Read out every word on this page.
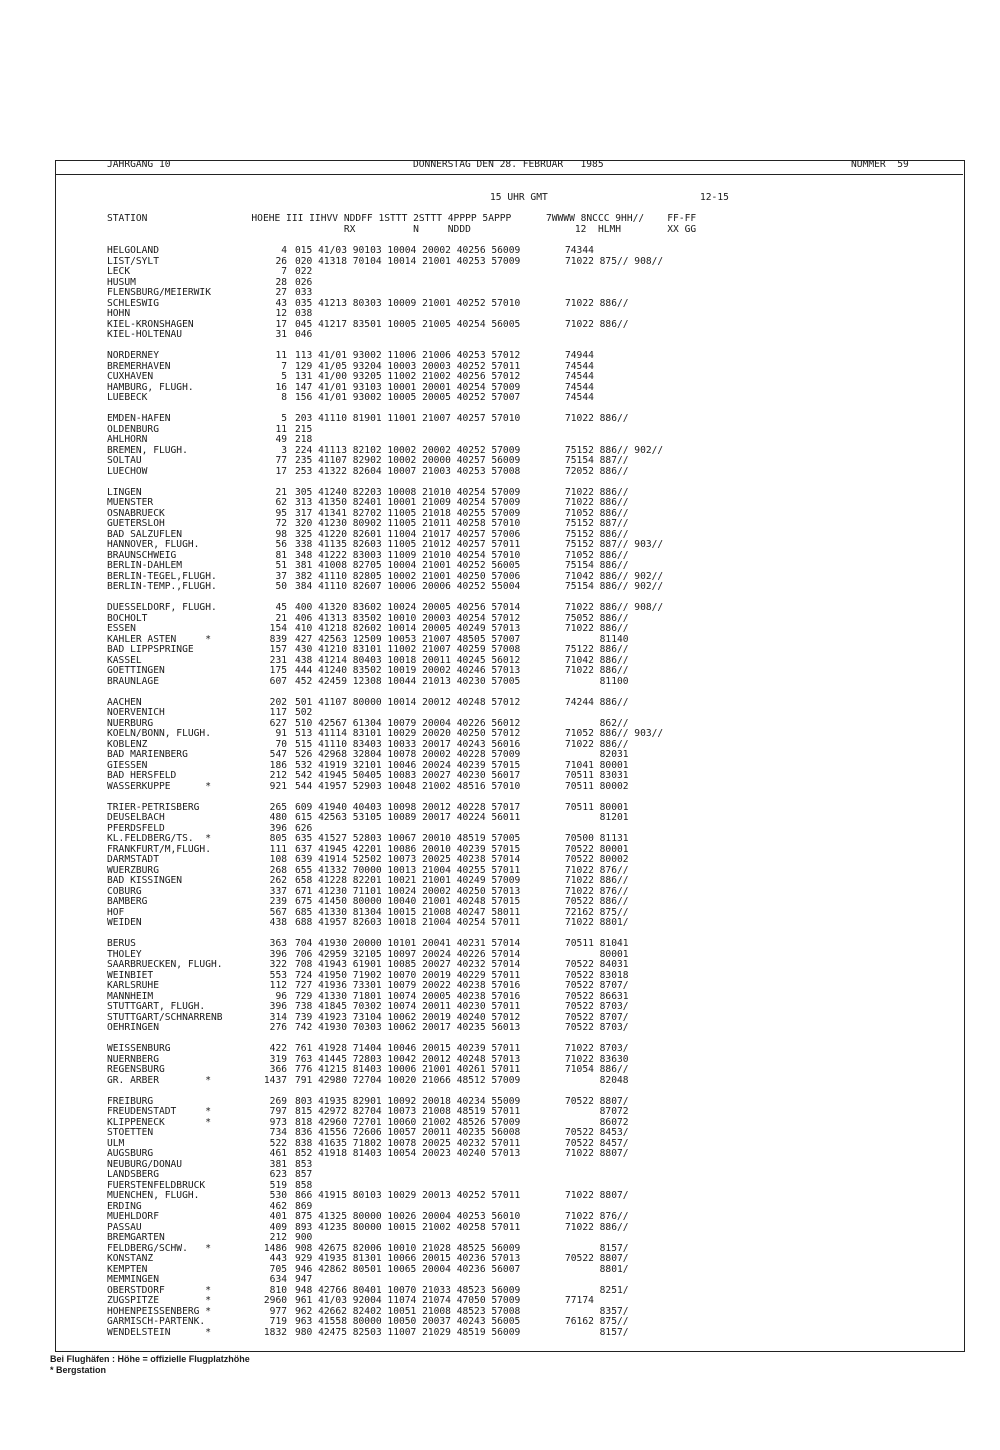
JAHRGANG 10	DONNERSTAG DEN 28. FEBRUAR   1985	NUMMER  59
15 UHR GMT	12-15
STATION                  HOEHE III IIHVV NDDFF 1STTT 2STTT 4PPPP 5APPP      7WWWW 8NCCC 9HH//    FF-FF
RX          N     NDDD                  12  HLMH        XX GG
HELGOLAND	4 015 41/03 90103 10004 20002 40256 56009	74344
LIST/SYLT	26 020 41318 70104 10014 21001 40253 57009	71022 875// 908//
LECK	7 022
HUSUM	28 026
FLENSBURG/MEIERWIK	27 033
SCHLESWIG	43 035 41213 80303 10009 21001 40252 57010	71022 886//
HOHN	12 038
KIEL-KRONSHAGEN	17 045 41217 83501 10005 21005 40254 56005	71022 886//
KIEL-HOLTENAU	31 046
NORDERNEY	11 113 41/01 93002 11006 21006 40253 57012	74944
BREMERHAVEN	7 129 41/05 93204 10003 20003 40252 57011	74544
CUXHAVEN	5 131 41/00 93205 11002 21002 40256 57012	74544
HAMBURG, FLUGH.	16 147 41/01 93103 10001 20001 40254 57009	74544
LUEBECK	8 156 41/01 93002 10005 20005 40252 57007	74544
EMDEN-HAFEN	5 203 41110 81901 11001 21007 40257 57010	71022 886//
OLDENBURG	11 215
AHLHORN	49 218
BREMEN, FLUGH.	3 224 41113 82102 10002 20002 40252 57009	75152 886// 902//
SOLTAU	77 235 41107 82902 10002 20000 40257 56009	75154 887//
LUECHOW	17 253 41322 82604 10007 21003 40253 57008	72052 886//
LINGEN	21 305 41240 82203 10008 21010 40254 57009	71022 886//
MUENSTER	62 313 41350 82401 10001 21009 40254 57009	71022 886//
OSNABRUECK	95 317 41341 82702 11005 21018 40255 57009	71052 886//
GUETERSLOH	72 320 41230 80902 11005 21011 40258 57010	75152 887//
BAD SALZUFLEN	98 325 41220 82601 11004 21017 40257 57006	75152 886//
HANNOVER, FLUGH.	56 338 41135 82603 11005 21012 40257 57011	75152 887// 903//
BRAUNSCHWEIG	81 348 41222 83003 11009 21010 40254 57010	71052 886//
BERLIN-DAHLEM	51 381 41008 82705 10004 21001 40252 56005	75154 886//
BERLIN-TEGEL,FLUGH.	37 382 41110 82805 10002 21001 40250 57006	71042 886// 902//
BERLIN-TEMP.,FLUGH.	50 384 41110 82607 10006 20006 40252 55004	75154 886// 902//
DUESSELDORF, FLUGH.	45 400 41320 83602 10024 20005 40256 57014	71022 886// 908//
BOCHOLT	21 406 41313 83502 10010 20003 40254 57012	75052 886//
ESSEN	154 410 41218 82602 10014 20005 40249 57013	71022 886//
KAHLER ASTEN     *	839 427 42563 12509 10053 21007 48505 57007	81140
BAD LIPPSPRINGE	157 430 41210 83101 11002 21007 40259 57008	75122 886//
KASSEL	231 438 41214 80403 10018 20011 40245 56012	71042 886//
GOETTINGEN	175 444 41240 83502 10019 20002 40246 57013	71022 886//
BRAUNLAGE	607 452 42459 12308 10044 21013 40230 57005	81100
AACHEN	202 501 41107 80000 10014 20012 40248 57012	74244 886//
NOERVENICH	117 502
NUERBURG	627 510 42567 61304 10079 20004 40226 56012	862//
KOELN/BONN, FLUGH.	91 513 41114 83101 10029 20020 40250 57012	71052 886// 903//
KOBLENZ	70 515 41110 83403 10033 20017 40243 56016	71022 886//
BAD MARIENBERG	547 526 42968 32804 10078 20002 40228 57009	82031
GIESSEN	186 532 41919 32101 10046 20024 40239 57015	71041 80001
BAD HERSFELD	212 542 41945 50405 10083 20027 40230 56017	70511 83031
WASSERKUPPE      *	921 544 41957 52903 10048 21002 48516 57010	70511 80002
TRIER-PETRISBERG	265 609 41940 40403 10098 20012 40228 57017	70511 80001
DEUSELBACH	480 615 42563 53105 10089 20017 40224 56011	81201
PFERDSFELD	396 626
KL.FELDBERG/TS.  *	805 635 41527 52803 10067 20010 48519 57005	70500 81131
FRANKFURT/M,FLUGH.	111 637 41945 42201 10086 20010 40239 57015	70522 80001
DARMSTADT	108 639 41914 52502 10073 20025 40238 57014	70522 80002
WUERZBURG	268 655 41332 70000 10013 21004 40255 57011	71022 876//
BAD KISSINGEN	262 658 41228 82201 10021 21001 40249 57009	71022 886//
COBURG	337 671 41230 71101 10024 20002 40250 57013	71022 876//
BAMBERG	239 675 41450 80000 10040 21001 40248 57015	70522 886//
HOF	567 685 41330 81304 10015 21008 40247 58011	72162 875//
WEIDEN	438 688 41957 82603 10018 21004 40254 57011	71022 8801/
BERUS	363 704 41930 20000 10101 20041 40231 57014	70511 81041
THOLEY	396 706 42959 32105 10097 20024 40226 57014	80001
SAARBRUECKEN, FLUGH.	322 708 41943 61901 10085 20027 40232 57014	70522 84031
WEINBIET	553 724 41950 71902 10070 20019 40229 57011	70522 83018
KARLSRUHE	112 727 41936 73301 10079 20022 40238 57016	70522 8707/
MANNHEIM	96 729 41330 71801 10074 20005 40238 57016	70522 86631
STUTTGART, FLUGH.	396 738 41845 70302 10074 20011 40230 57011	70522 8703/
STUTTGART/SCHNARRENB	314 739 41923 73104 10062 20019 40240 57012	70522 8707/
OEHRINGEN	276 742 41930 70303 10062 20017 40235 56013	70522 8703/
WEISSENBURG	422 761 41928 71404 10046 20015 40239 57011	71022 8703/
NUERNBERG	319 763 41445 72803 10042 20012 40248 57013	71022 83630
REGENSBURG	366 776 41215 81403 10006 21001 40261 57011	71054 886//
GR. ARBER        *	1437 791 42980 72704 10020 21066 48512 57009	82048
FREIBURG	269 803 41935 82901 10092 20018 40234 55009	70522 8807/
FREUDENSTADT     *	797 815 42972 82704 10073 21008 48519 57011	87072
KLIPPENECK       *	973 818 42960 72701 10060 21002 48526 57009	86072
STOETTEN	734 836 41556 72606 10057 20011 40235 56008	70522 8453/
ULM	522 838 41635 71802 10078 20025 40232 57011	70522 8457/
AUGSBURG	461 852 41918 81403 10054 20023 40240 57013	71022 8807/
NEUBURG/DONAU	381 853
LANDSBERG	623 857
FUERSTENFELDBRUCK	519 858
MUENCHEN, FLUGH.	530 866 41915 80103 10029 20013 40252 57011	71022 8807/
ERDING	462 869
MUEHLDORF	401 875 41325 80000 10026 20004 40253 56010	71022 876//
PASSAU	409 893 41235 80000 10015 21002 40258 57011	71022 886//
BREMGARTEN	212 900
FELDBERG/SCHW.   *	1486 908 42675 82006 10010 21028 48525 56009	8157/
KONSTANZ	443 929 41935 81301 10066 20015 40236 57013	70522 8807/
KEMPTEN	705 946 42862 80501 10065 20004 40236 56007	8801/
MEMMINGEN	634 947
OBERSTDORF       *	810 948 42766 80401 10070 21033 48523 56009	8251/
ZUGSPITZE        *	2960 961 41/03 92004 11074 21074 47050 57009	77174
HOHENPEISSENBERG *	977 962 42662 82402 10051 21008 48523 57008	8357/
GARMISCH-PARTENK.	719 963 41558 80000 10050 20037 40243 56005	76162 875//
WENDELSTEIN      *	1832 980 42475 82503 11007 21029 48519 56009	8157/
Bei Flughäfen : Höhe = offizielle Flugplatzhöhe
* Bergstation
